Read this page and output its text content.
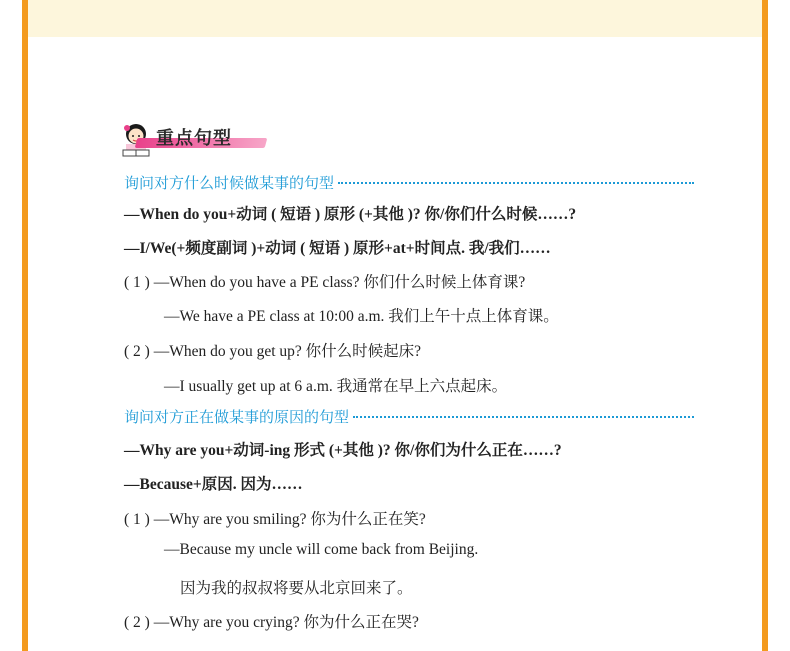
重点句型
询问对方什么时候做某事的句型
—When do you+动词 ( 短语 ) 原形 (+其他 )? 你/你们什么时候……?
—I/We(+频度副词 )+动词 ( 短语 ) 原形+at+时间点. 我/我们……
( 1 ) —When do you have a PE class? 你们什么时候上体育课?
—We have a PE class at 10:00 a.m. 我们上午十点上体育课。
( 2 ) —When do you get up? 你什么时候起床?
—I usually get up at 6 a.m. 我通常在早上六点起床。
询问对方正在做某事的原因的句型
—Why are you+动词-ing 形式 (+其他 )? 你/你们为什么正在……?
—Because+原因. 因为……
( 1 ) —Why are you smiling? 你为什么正在笑?
—Because my uncle will come back from Beijing.
因为我的叔叔将要从北京回来了。
( 2 ) —Why are you crying? 你为什么正在哭?
